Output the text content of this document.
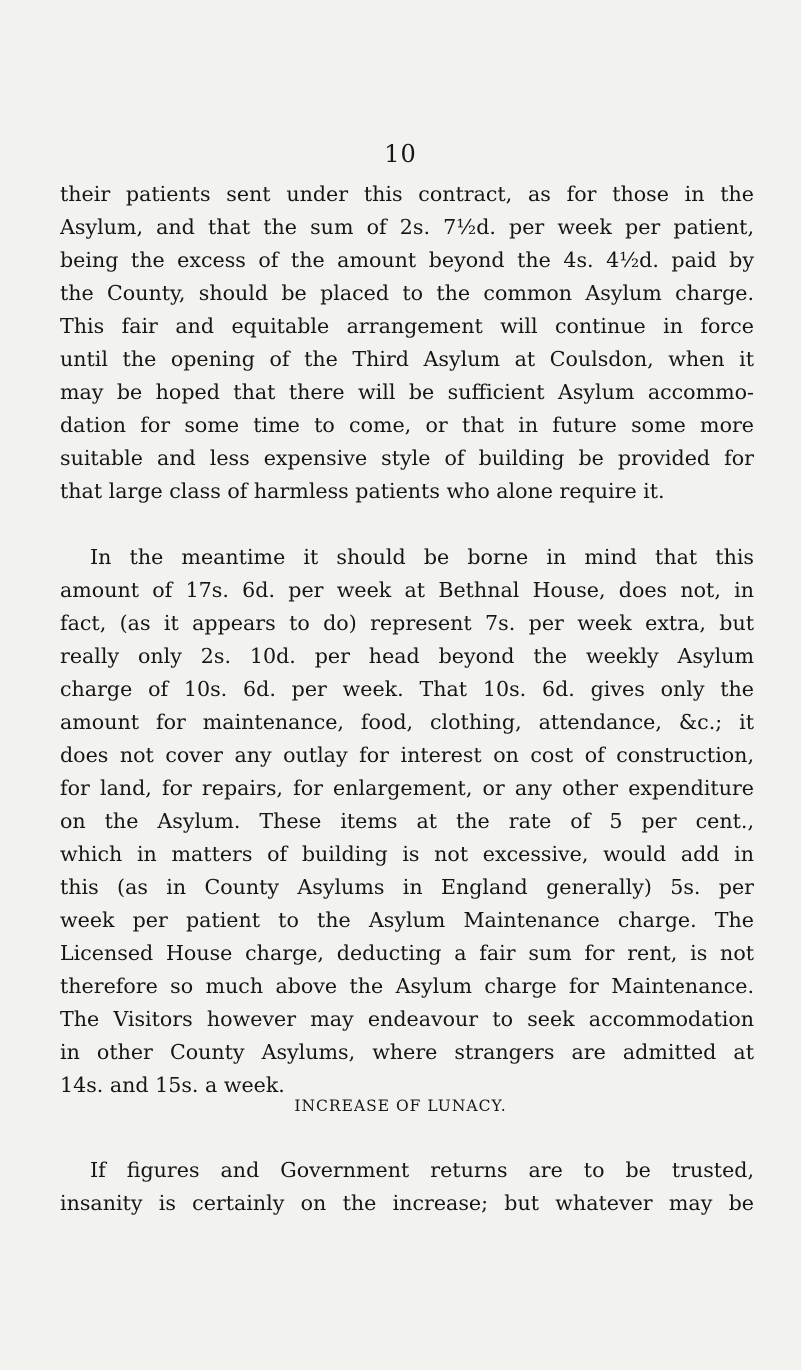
10
their patients sent under this contract, as for those in the
Asylum, and that the sum of 2s. 7½d. per week per patient,
being the excess of the amount beyond the 4s. 4½d. paid by
the County, should be placed to the common Asylum charge.
This fair and equitable arrangement will continue in force
until the opening of the Third Asylum at Coulsdon, when it
may be hoped that there will be sufficient Asylum accommo-
dation for some time to come, or that in future some more
suitable and less expensive style of building be provided for
that large class of harmless patients who alone require it.
In the meantime it should be borne in mind that this
amount of 17s. 6d. per week at Bethnal House, does not, in
fact, (as it appears to do) represent 7s. per week extra, but
really only 2s. 10d. per head beyond the weekly Asylum
charge of 10s. 6d. per week. That 10s. 6d. gives only the
amount for maintenance, food, clothing, attendance, &c.; it
does not cover any outlay for interest on cost of construction,
for land, for repairs, for enlargement, or any other expenditure
on the Asylum. These items at the rate of 5 per cent.,
which in matters of building is not excessive, would add in
this (as in County Asylums in England generally) 5s. per
week per patient to the Asylum Maintenance charge. The
Licensed House charge, deducting a fair sum for rent, is not
therefore so much above the Asylum charge for Maintenance.
The Visitors however may endeavour to seek accommodation
in other County Asylums, where strangers are admitted at
14s. and 15s. a week.
INCREASE OF LUNACY.
If figures and Government returns are to be trusted,
insanity is certainly on the increase; but whatever may be
